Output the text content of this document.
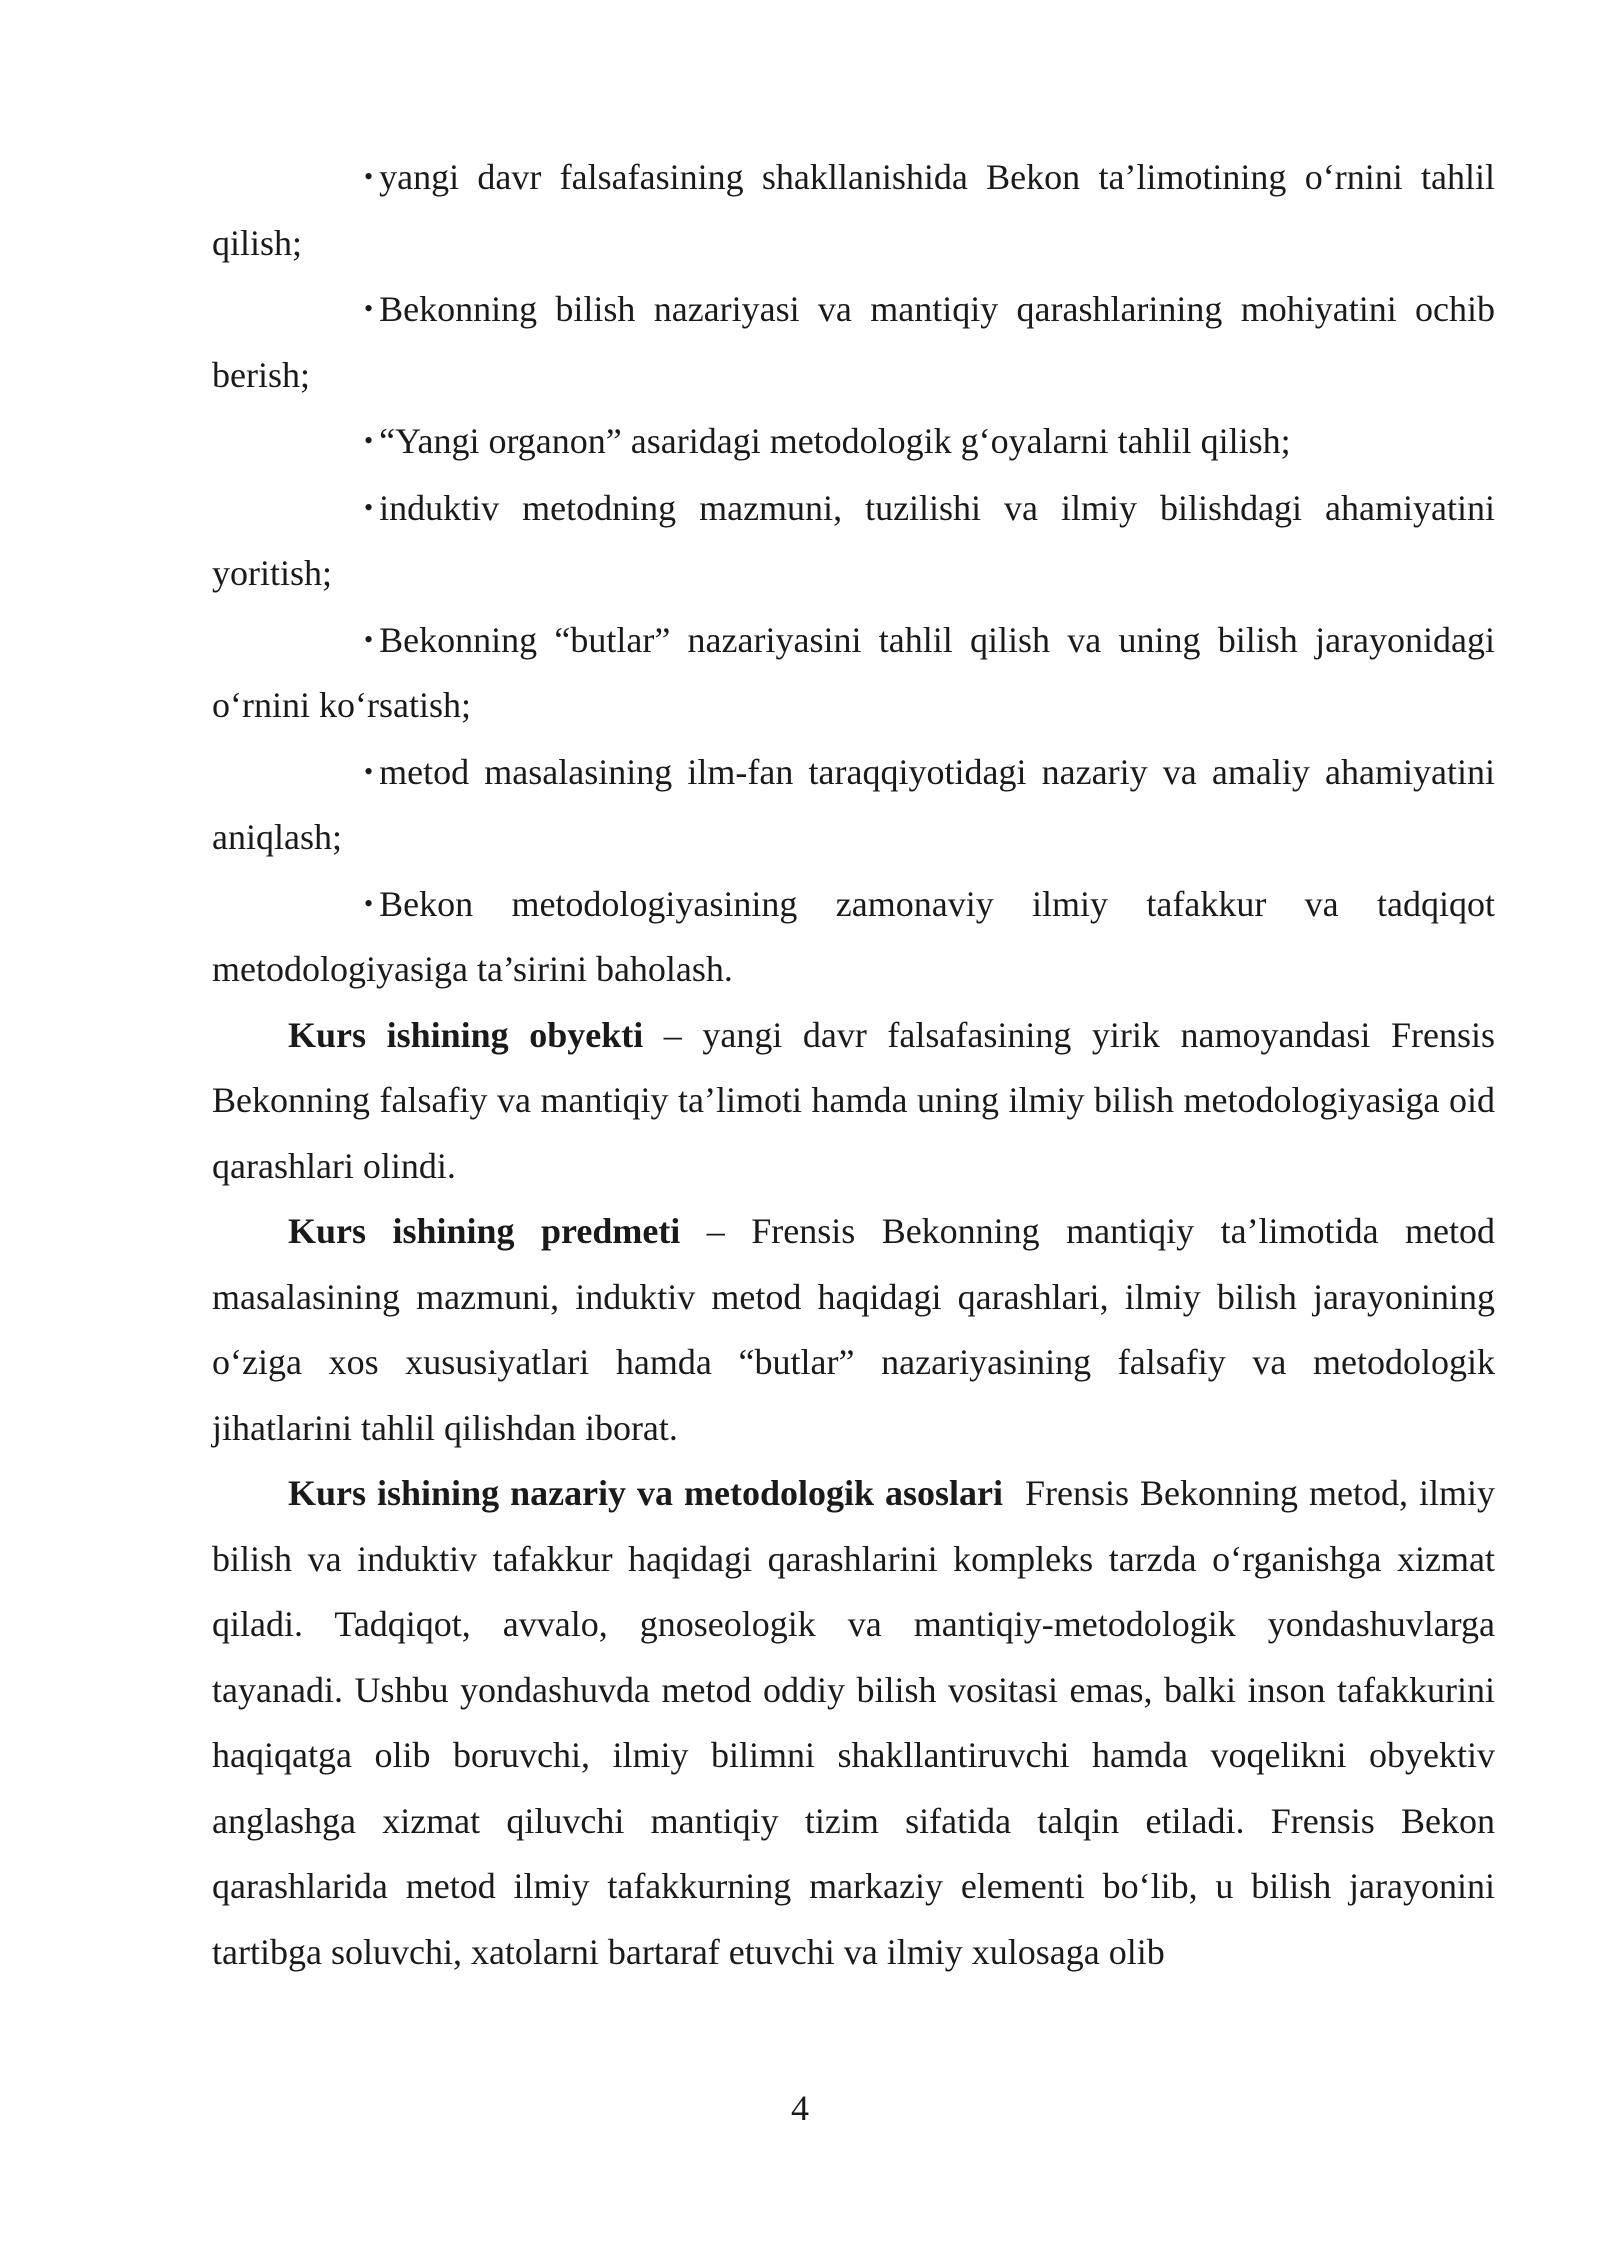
• yangi davr falsafasining shakllanishida Bekon ta’limotining o‘rnini tahlil qilish;

• Bekonning bilish nazariyasi va mantiqiy qarashlarining mohiyatini ochib berish;

• “Yangi organon” asaridagi metodologik g‘oyalarni tahlil qilish;

• induktiv metodning mazmuni, tuzilishi va ilmiy bilishdagi ahamiyatini yoritish;

• Bekonning “butlar” nazariyasini tahlil qilish va uning bilish jarayonidagi o‘rnini ko‘rsatish;

• metod masalasining ilm-fan taraqqiyotidagi nazariy va amaliy ahamiyatini aniqlash;

• Bekon metodologiyasining zamonaviy ilmiy tafakkur va tadqiqot metodologiyasiga ta’sirini baholash.

Kurs ishining obyekti – yangi davr falsafasining yirik namoyandasi Frensis Bekonning falsafiy va mantiqiy ta’limoti hamda uning ilmiy bilish metodologiyasiga oid qarashlari olindi.

Kurs ishining predmeti – Frensis Bekonning mantiqiy ta’limotida metod masalasining mazmuni, induktiv metod haqidagi qarashlari, ilmiy bilish jarayonining o‘ziga xos xususiyatlari hamda “butlar” nazariyasining falsafiy va metodologik jihatlarini tahlil qilishdan iborat.

Kurs ishining nazariy va metodologik asoslari  Frensis Bekonning metod, ilmiy bilish va induktiv tafakkur haqidagi qarashlarini kompleks tarzda o‘rganishga xizmat qiladi. Tadqiqot, avvalo, gnoseologik va mantiqiy-metodologik yondashuvlarga tayanadi. Ushbu yondashuvda metod oddiy bilish vositasi emas, balki inson tafakkurini haqiqatga olib boruvchi, ilmiy bilimni shakllantiruvchi hamda voqelikni obyektiv anglashga xizmat qiluvchi mantiqiy tizim sifatida talqin etiladi. Frensis Bekon qarashlarida metod ilmiy tafakkurning markaziy elementi bo‘lib, u bilish jarayonini tartibga soluvchi, xatolarni bartaraf etuvchi va ilmiy xulosaga olib

4
